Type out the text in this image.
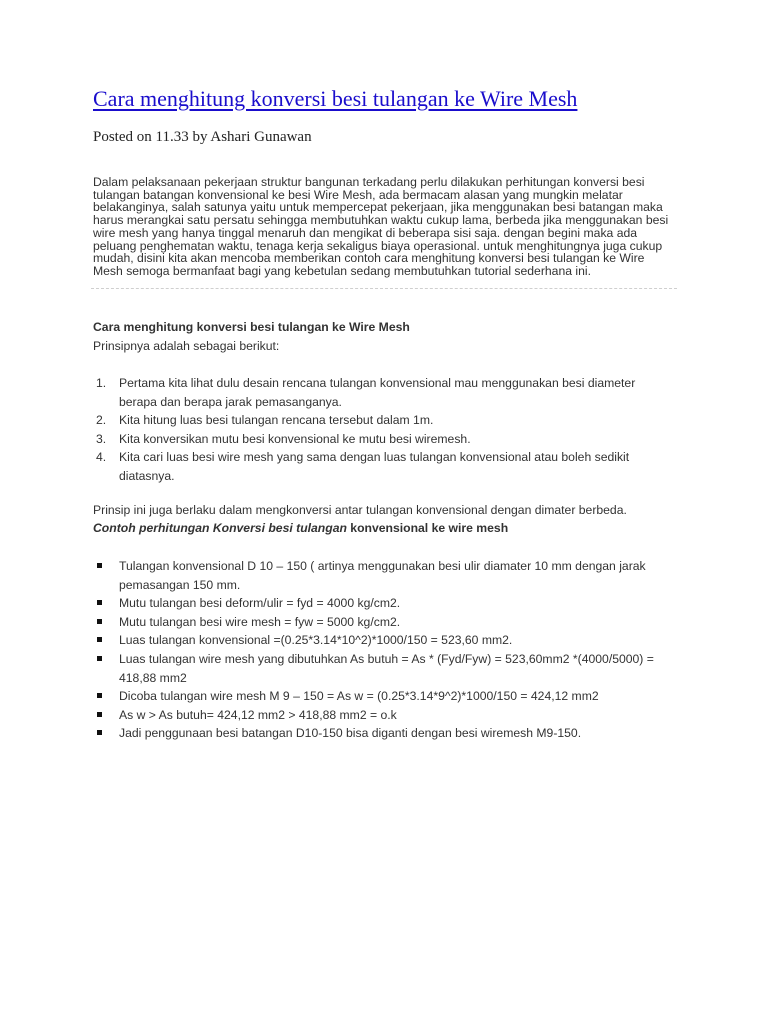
Cara menghitung konversi besi tulangan ke Wire Mesh
Posted on 11.33 by Ashari Gunawan

Dalam pelaksanaan pekerjaan struktur bangunan terkadang perlu dilakukan perhitungan konversi besi
tulangan batangan konvensional ke besi Wire Mesh, ada bermacam alasan yang mungkin melatar
belakanginya, salah satunya yaitu untuk mempercepat pekerjaan, jika menggunakan besi batangan maka
harus merangkai satu persatu sehingga membutuhkan waktu cukup lama, berbeda jika menggunakan besi
wire mesh yang hanya tinggal menaruh dan mengikat di beberapa sisi saja. dengan begini maka ada
peluang penghematan waktu, tenaga kerja sekaligus biaya operasional. untuk menghitungnya juga cukup
mudah, disini kita akan mencoba memberikan contoh cara menghitung konversi besi tulangan ke Wire
Mesh semoga bermanfaat bagi yang kebetulan sedang membutuhkan tutorial sederhana ini.

Cara menghitung konversi besi tulangan ke Wire Mesh
Prinsipnya adalah sebagai berikut:
1. Pertama kita lihat dulu desain rencana tulangan konvensional mau menggunakan besi diameter
berapa dan berapa jarak pemasanganya.
2. Kita hitung luas besi tulangan rencana tersebut dalam 1m.
3. Kita konversikan mutu besi konvensional ke mutu besi wiremesh.
4. Kita cari luas besi wire mesh yang sama dengan luas tulangan konvensional atau boleh sedikit
diatasnya.
Prinsip ini juga berlaku dalam mengkonversi antar tulangan konvensional dengan dimater berbeda.
Contoh perhitungan Konversi besi tulangan konvensional ke wire mesh
Tulangan konvensional D 10 – 150 ( artinya menggunakan besi ulir diamater 10 mm dengan jarak
pemasangan 150 mm.
Mutu tulangan besi deform/ulir = fyd = 4000 kg/cm2.
Mutu tulangan besi wire mesh = fyw = 5000 kg/cm2.
Luas tulangan konvensional =(0.25*3.14*10^2)*1000/150 = 523,60 mm2.
Luas tulangan wire mesh yang dibutuhkan As butuh = As * (Fyd/Fyw) = 523,60mm2 *(4000/5000) =
418,88 mm2
Dicoba tulangan wire mesh M 9 – 150 = As w = (0.25*3.14*9^2)*1000/150 = 424,12 mm2
As w > As butuh= 424,12 mm2 > 418,88 mm2 = o.k
Jadi penggunaan besi batangan D10-150 bisa diganti dengan besi wiremesh M9-150.
